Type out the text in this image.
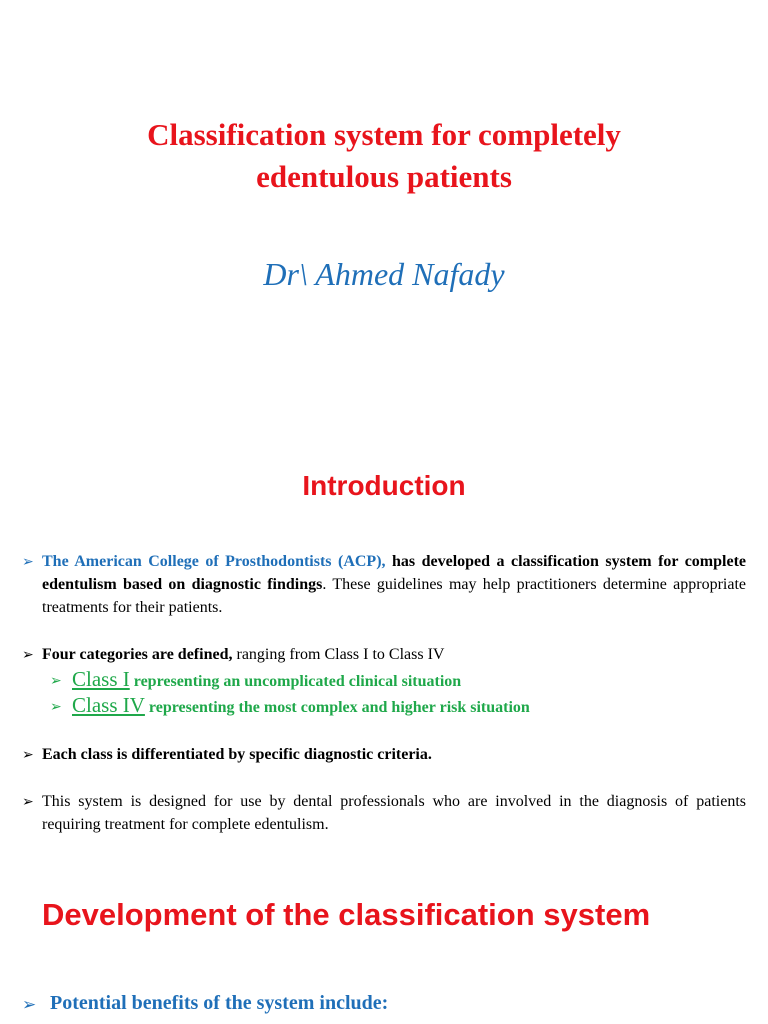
Classification system for completely
edentulous patients
Dr\ Ahmed Nafady
Introduction
➢ The American College of Prosthodontists (ACP), has developed a classification system for complete edentulism based on diagnostic findings. These guidelines may help practitioners determine appropriate treatments for their patients.
➢ Four categories are defined, ranging from Class I to Class IV
➢ Class I representing an uncomplicated clinical situation
➢ Class IV representing the most complex and higher risk situation
➢ Each class is differentiated by specific diagnostic criteria.
➢ This system is designed for use by dental professionals who are involved in the diagnosis of patients requiring treatment for complete edentulism.
Development of the classification system
➢ Potential benefits of the system include:
